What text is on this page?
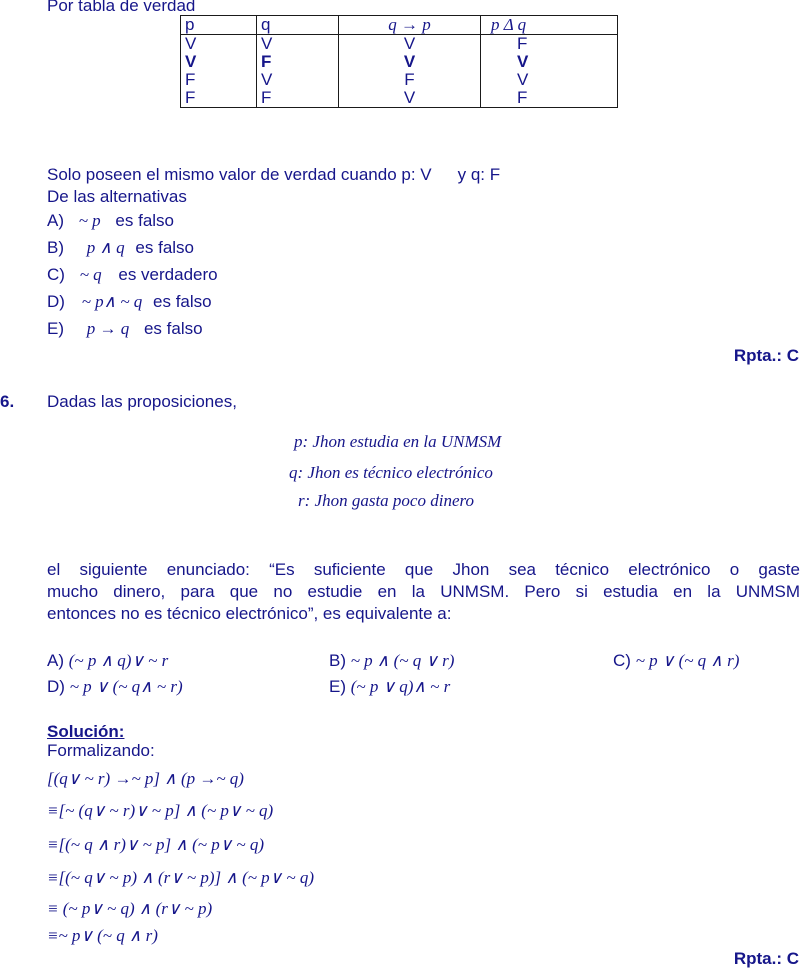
Por tabla de verdad
p	q	q → p	p Δ q
V	V	V	F
V	F	V	V
F	V	F	V
F	F	V	F
Solo poseen el mismo valor de verdad cuando p: V y q: F
De las alternativas
A) ~ p es falso
B) p ∧ q es falso
C) ~ q es verdadero
D) ~ p∧ ~ q es falso
E) p → q es falso
Rpta.: C
6. Dadas las proposiciones,
p: Jhon estudia en la UNMSM
q: Jhon es técnico electrónico
r: Jhon gasta poco dinero
el siguiente enunciado: “Es suficiente que Jhon sea técnico electrónico o gaste
mucho dinero, para que no estudie en la UNMSM. Pero si estudia en la UNMSM
entonces no es técnico electrónico”, es equivalente a:
A) (~ p ∧ q)∨ ~ r	B) ~ p ∧ (~ q ∨ r)	C) ~ p ∨ (~ q ∧ r)
D) ~ p ∨ (~ q∧ ~ r)	E) (~ p ∨ q)∧ ~ r
Solución:
Formalizando:
[(q∨ ~ r) →~ p] ∧ (p →~ q)
≡[~ (q∨ ~ r)∨ ~ p] ∧ (~ p∨ ~ q)
≡[(~ q ∧ r)∨ ~ p] ∧ (~ p∨ ~ q)
≡[(~ q∨ ~ p) ∧ (r∨ ~ p)] ∧ (~ p∨ ~ q)
≡ (~ p∨ ~ q) ∧ (r∨ ~ p)
≡~ p∨ (~ q ∧ r)
Rpta.: C
